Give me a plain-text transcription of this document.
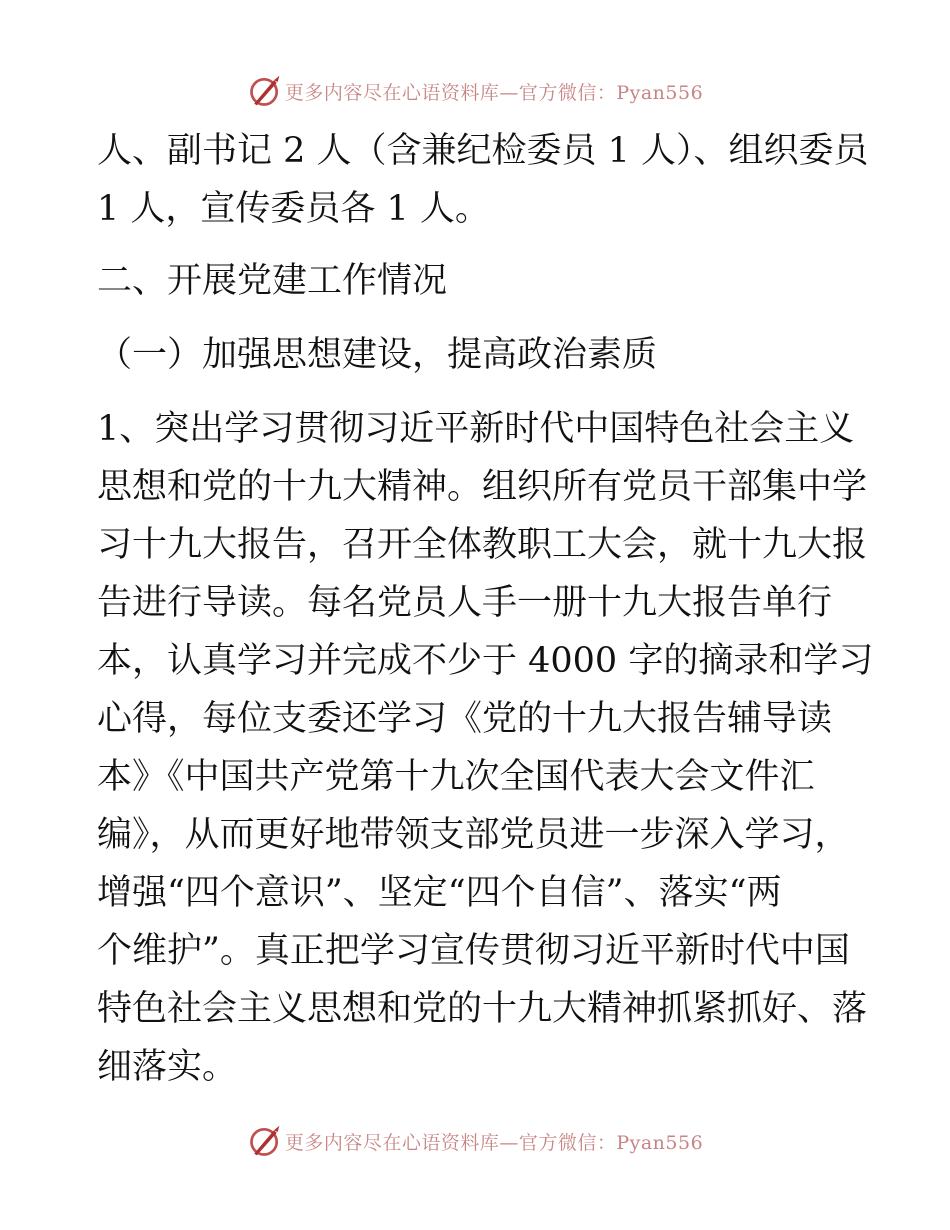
更多内容尽在心语资料库—官方微信：Pyan556
人、副书记 2 人（含兼纪检委员 1 人）、组织委员
1 人，宣传委员各 1 人。
二、开展党建工作情况
（一）加强思想建设，提高政治素质
1、突出学习贯彻习近平新时代中国特色社会主义
思想和党的十九大精神。组织所有党员干部集中学
习十九大报告，召开全体教职工大会，就十九大报
告进行导读。每名党员人手一册十九大报告单行
本，认真学习并完成不少于 4000 字的摘录和学习
心得，每位支委还学习《党的十九大报告辅导读
本》《中国共产党第十九次全国代表大会文件汇
编》，从而更好地带领支部党员进一步深入学习，
增强“四个意识”、坚定“四个自信”、落实“两
个维护”。真正把学习宣传贯彻习近平新时代中国
特色社会主义思想和党的十九大精神抓紧抓好、落
细落实。
更多内容尽在心语资料库—官方微信：Pyan556
